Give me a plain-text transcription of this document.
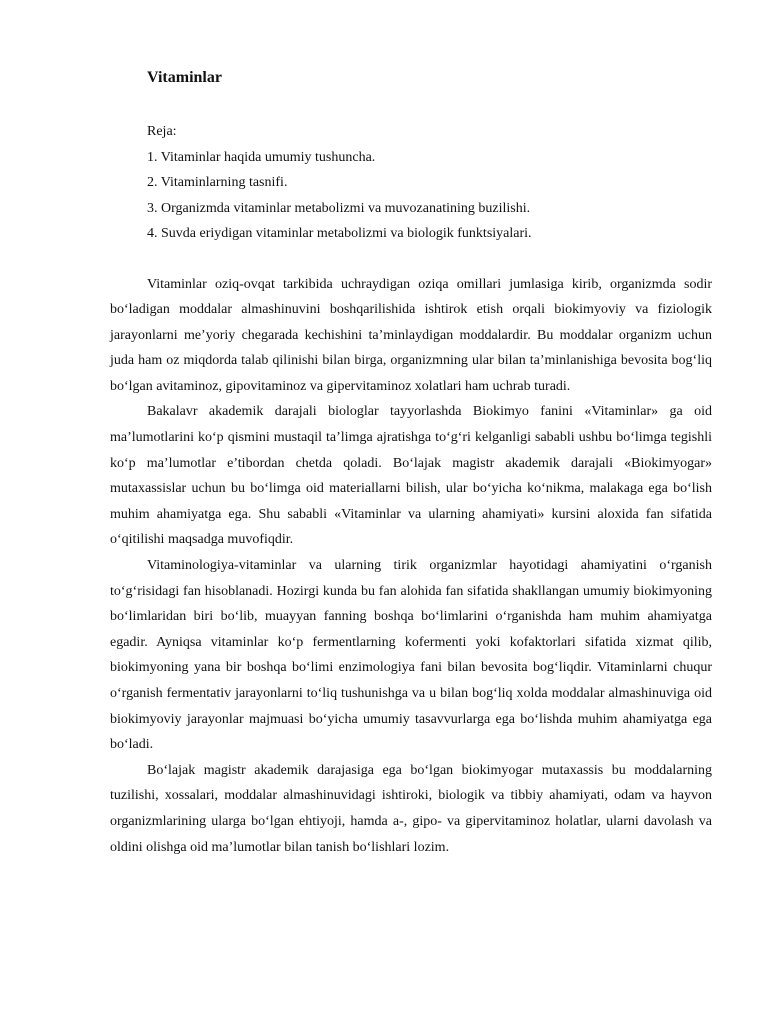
Vitaminlar
Reja:
1. Vitaminlar haqida umumiy tushuncha.
2. Vitaminlarning tasnifi.
3. Organizmda vitaminlar metabolizmi va muvozanatining buzilishi.
4. Suvda eriydigan vitaminlar metabolizmi va biologik funktsiyalari.

Vitaminlar oziq-ovqat tarkibida uchraydigan oziqa omillari jumlasiga kirib, organizmda sodir bo‘ladigan moddalar almashinuvini boshqarilishida ishtirok etish orqali biokimyoviy va fiziologik jarayonlarni me’yoriy chegarada kechishini ta’minlaydigan moddalardir. Bu moddalar organizm uchun juda ham oz miqdorda talab qilinishi bilan birga, organizmning ular bilan ta’minlanishiga bevosita bog‘liq bo‘lgan avitaminoz, gipovitaminoz va gipervitaminoz xolatlari ham uchrab turadi.

Bakalavr akademik darajali biologlar tayyorlashda Biokimyo fanini «Vitaminlar» ga oid ma’lumotlarini ko‘p qismini mustaqil ta’limga ajratishga to‘g‘ri kelganligi sababli ushbu bo‘limga tegishli ko‘p ma’lumotlar e’tibordan chetda qoladi. Bo‘lajak magistr akademik darajali «Biokimyogar» mutaxassislar uchun bu bo‘limga oid materiallarni bilish, ular bo‘yicha ko‘nikma, malakaga ega bo‘lish muhim ahamiyatga ega. Shu sababli «Vitaminlar va ularning ahamiyati» kursini aloxida fan sifatida o‘qitilishi maqsadga muvofiqdir.

Vitaminologiya-vitaminlar va ularning tirik organizmlar hayotidagi ahamiyatini o‘rganish to‘g‘risidagi fan hisoblanadi. Hozirgi kunda bu fan alohida fan sifatida shakllangan umumiy biokimyoning bo‘limlaridan biri bo‘lib, muayyan fanning boshqa bo‘limlarini o‘rganishda ham muhim ahamiyatga egadir. Ayniqsa vitaminlar ko‘p fermentlarning kofermenti yoki kofaktorlari sifatida xizmat qilib, biokimyoning yana bir boshqa bo‘limi enzimologiya fani bilan bevosita bog‘liqdir. Vitaminlarni chuqur o‘rganish fermentativ jarayonlarni to‘liq tushunishga va u bilan bog‘liq xolda moddalar almashinuviga oid biokimyoviy jarayonlar majmuasi bo‘yicha umumiy tasavvurlarga ega bo‘lishda muhim ahamiyatga ega bo‘ladi.

Bo‘lajak magistr akademik darajasiga ega bo‘lgan biokimyogar mutaxassis bu moddalarning tuzilishi, xossalari, moddalar almashinuvidagi ishtiroki, biologik va tibbiy ahamiyati, odam va hayvon organizmlarining ularga bo‘lgan ehtiyoji, hamda a-, gipo- va gipervitaminoz holatlar, ularni davolash va oldini olishga oid ma’lumotlar bilan tanish bo‘lishlari lozim.
